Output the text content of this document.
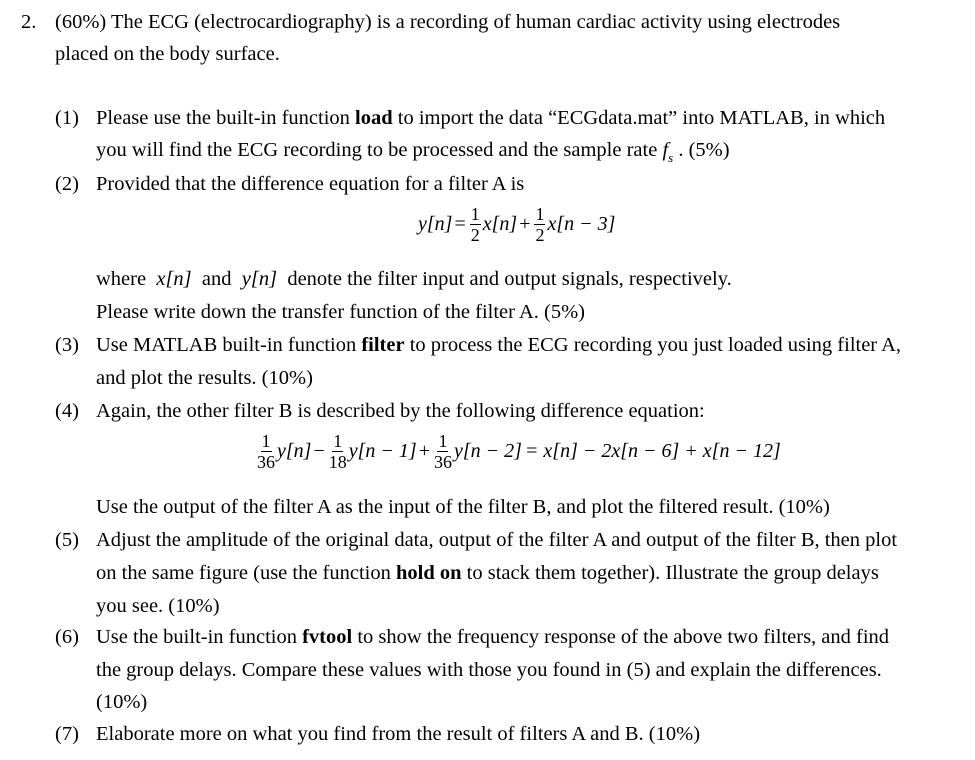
2. (60%) The ECG (electrocardiography) is a recording of human cardiac activity using electrodes
placed on the body surface.
(1) Please use the built-in function load to import the data “ECGdata.mat” into MATLAB, in which
you will find the ECG recording to be processed and the sample rate $f_s$ . (5%)
(2) Provided that the difference equation for a filter A is
$y[n] = \frac{1}{2} x[n] + \frac{1}{2} x[n - 3]$
where  x[n]  and  y[n]  denote the filter input and output signals, respectively.
Please write down the transfer function of the filter A. (5%)
(3) Use MATLAB built-in function filter to process the ECG recording you just loaded using filter A,
and plot the results. (10%)
(4) Again, the other filter B is described by the following difference equation:
$\frac{1}{36} y[n] - \frac{1}{18} y[n - 1] + \frac{1}{36} y[n - 2] = x[n] - 2x[n - 6] + x[n - 12]$
Use the output of the filter A as the input of the filter B, and plot the filtered result. (10%)
(5) Adjust the amplitude of the original data, output of the filter A and output of the filter B, then plot
on the same figure (use the function hold on to stack them together). Illustrate the group delays
you see. (10%)
(6) Use the built-in function fvtool to show the frequency response of the above two filters, and find
the group delays. Compare these values with those you found in (5) and explain the differences.
(10%)
(7) Elaborate more on what you find from the result of filters A and B. (10%)
